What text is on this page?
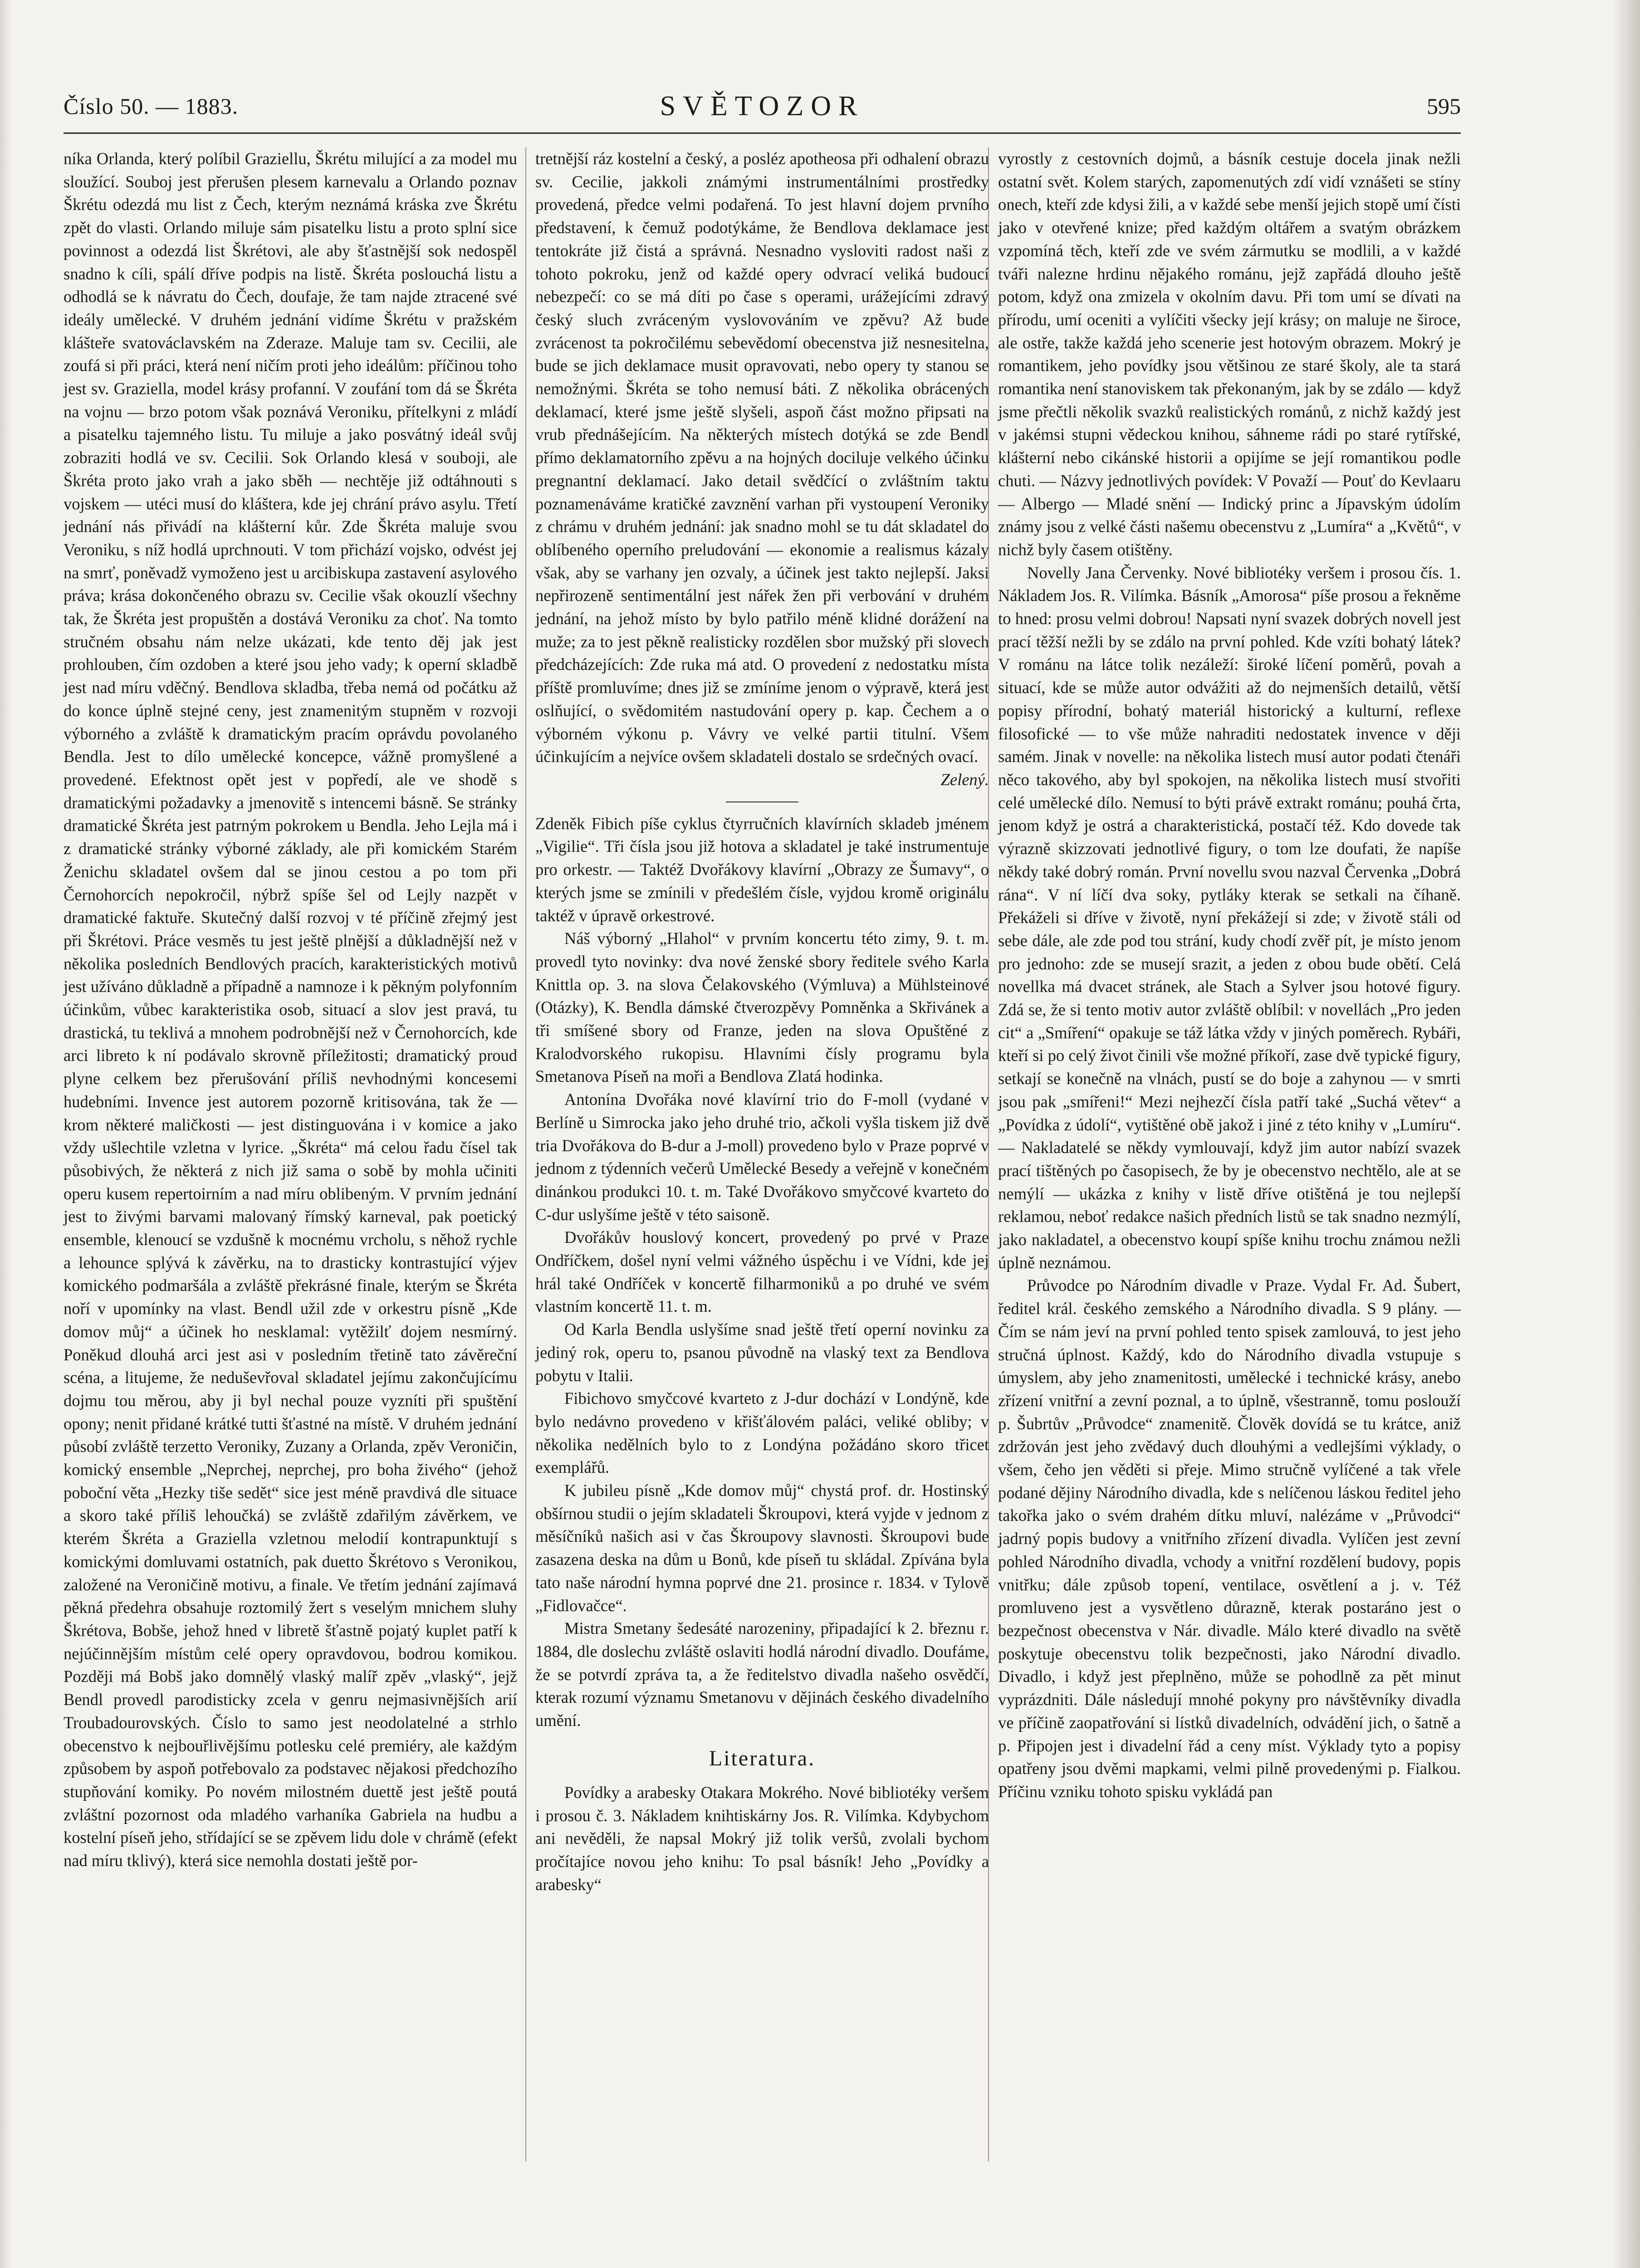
Číslo 50. — 1883.	SVĚTOZOR	595

níka Orlanda, který políbil Graziellu, Škrétu milující a za model mu sloužící. Souboj jest přerušen plesem karnevalu a Orlando poznav Škrétu odezdá mu list z Čech, kterým neznámá kráska zve Škrétu zpět do vlasti. Orlando miluje sám pisatelku listu a proto splní sice povinnost a odezdá list Škrétovi, ale aby šťastnější sok nedospěl snadno k cíli, spálí dříve podpis na listě. Škréta poslouchá listu a odhodlá se k návratu do Čech, doufaje, že tam najde ztracené své ideály umělecké. V druhém jednání vidíme Škrétu v pražském klášteře svatováclavském na Zderaze. Maluje tam sv. Cecilii, ale zoufá si při práci, která není ničím proti jeho ideálům: příčinou toho jest sv. Graziella, model krásy profanní. V zoufání tom dá se Škréta na vojnu — brzo potom však poznává Veroniku, přítelkyni z mládí a pisatelku tajemného listu. Tu miluje a jako posvátný ideál svůj zobraziti hodlá ve sv. Cecilii. Sok Orlando klesá v souboji, ale Škréta proto jako vrah a jako sběh — nechtěje již odtáhnouti s vojskem — utéci musí do kláštera, kde jej chrání právo asylu. Třetí jednání nás přivádí na klášterní kůr. Zde Škréta maluje svou Veroniku, s níž hodlá uprchnouti. V tom přichází vojsko, odvést jej na smrť, poněvadž vymoženo jest u arcibiskupa zastavení asylového práva; krása dokončeného obrazu sv. Cecilie však okouzlí všechny tak, že Škréta jest propuštěn a dostává Veroniku za choť. Na tomto stručném obsahu nám nelze ukázati, kde tento děj jak jest prohlouben, čím ozdoben a které jsou jeho vady; k operní skladbě jest nad míru vděčný. Bendlova skladba, třeba nemá od počátku až do konce úplně stejné ceny, jest znamenitým stupněm v rozvoji výborného a zvláště k dramatickým pracím oprávdu povolaného Bendla. Jest to dílo umělecké koncepce, vážně promyšlené a provedené. Efektnost opět jest v popředí, ale ve shodě s dramatickými požadavky a jmenovitě s intencemi básně. Se stránky dramatické Škréta jest patrným pokrokem u Bendla. Jeho Lejla má i z dramatické stránky výborné základy, ale při komickém Starém Ženichu skladatel ovšem dal se jinou cestou a po tom při Černohorcích nepokročil, nýbrž spíše šel od Lejly nazpět v dramatické faktuře. Skutečný další rozvoj v té příčině zřejmý jest při Škrétovi. Práce vesměs tu jest ještě plnější a důkladnější než v několika posledních Bendlových pracích, karakteristických motivů jest užíváno důkladně a případně a namnoze i k pěkným polyfonním účinkům, vůbec karakteristika osob, situací a slov jest pravá, tu drastická, tu teklivá a mnohem podrobnější než v Černohorcích, kde arci libreto k ní podávalo skrovně příležitosti; dramatický proud plyne celkem bez přerušování příliš nevhodnými koncesemi hudebními. Invence jest autorem pozorně kritisována, tak že — krom některé maličkosti — jest distinguována i v komice a jako vždy ušlechtile vzletna v lyrice. „Škréta“ má celou řadu čísel tak působivých, že některá z nich již sama o sobě by mohla učiniti operu kusem repertoirním a nad míru oblibeným. V prvním jednání jest to živými barvami malovaný římský karneval, pak poetický ensemble, klenoucí se vzdušně k mocnému vrcholu, s něhož rychle a lehounce splývá k závěrku, na to drasticky kontrastující výjev komického podmaršála a zvláště překrásné finale, kterým se Škréta noří v upomínky na vlast. Bendl užil zde v orkestru písně „Kde domov můj“ a účinek ho nesklamal: vytěžilť dojem nesmírný. Poněkud dlouhá arci jest asi v posledním třetině tato závěreční scéna, a litujeme, že neduševřoval skladatel jejímu zakončujícímu dojmu tou měrou, aby ji byl nechal pouze vyzníti při spuštění opony; nenit přidané krátké tutti šťastné na místě. V druhém jednání působí zvláště terzetto Veroniky, Zuzany a Orlanda, zpěv Veroničin, komický ensemble „Neprchej, neprchej, pro boha živého“ (jehož poboční věta „Hezky tiše sedět“ sice jest méně pravdivá dle situace a skoro také příliš lehoučká) se zvláště zdařilým závěrkem, ve kterém Škréta a Graziella vzletnou melodií kontrapunktují s komickými domluvami ostatních, pak duetto Škrétovo s Veronikou, založené na Veroničině motivu, a finale. Ve třetím jednání zajímavá pěkná předehra obsahuje roztomilý žert s veselým mnichem sluhy Škrétova, Bobše, jehož hned v libretě šťastně pojatý kuplet patří k nejúčinnějším místům celé opery opravdovou, bodrou komikou. Později má Bobš jako domnělý vlaský malíř zpěv „vlaský“, jejž Bendl provedl parodisticky zcela v genru nejmasivnějších arií Troubadourovských. Číslo to samo jest neodolatelné a strhlo obecenstvo k nejbouřlivějšímu potlesku celé premiéry, ale každým způsobem by aspoň potřebovalo za podstavec nějakosi předchozího stupňování komiky. Po novém milostném duettě jest ještě poutá zvláštní pozornost oda mladého varhaníka Gabriela na hudbu a kostelní píseň jeho, střídající se se zpěvem lidu dole v chrámě (efekt nad míru tklivý), která sice nemohla dostati ještě por-

tretnější ráz kostelní a český, a posléz apotheosa při odhalení obrazu sv. Cecilie, jakkoli známými instrumentálními prostředky provedená, předce velmi podařená. To jest hlavní dojem prvního představení, k čemuž podotýkáme, že Bendlova deklamace jest tentokráte již čistá a správná. Nesnadno vysloviti radost naši z tohoto pokroku, jenž od každé opery odvrací veliká budoucí nebezpečí: co se má díti po čase s operami, urážejícími zdravý český sluch zvráceným vyslovováním ve zpěvu? Až bude zvrácenost ta pokročilému sebevědomí obecenstva již nesnesitelna, bude se jich deklamace musit opravovati, nebo opery ty stanou se nemožnými. Škréta se toho nemusí báti. Z několika obrácených deklamací, které jsme ještě slyšeli, aspoň část možno připsati na vrub přednášejícím. Na některých místech dotýká se zde Bendl přímo deklamatorního zpěvu a na hojných dociluje velkého účinku pregnantní deklamací. Jako detail svědčící o zvláštním taktu poznamenáváme kratičké zavznění varhan při vystoupení Veroniky z chrámu v druhém jednání: jak snadno mohl se tu dát skladatel do oblíbeného operního preludování — ekonomie a realismus kázaly však, aby se varhany jen ozvaly, a účinek jest takto nejlepší. Jaksi nepřirozeně sentimentální jest nářek žen při verbování v druhém jednání, na jehož místo by bylo patřilo méně klidné dorážení na muže; za to jest pěkně realisticky rozdělen sbor mužský při slovech předcházejících: Zde ruka má atd. O provedení z nedostatku místa příště promluvíme; dnes již se zmíníme jenom o výpravě, která jest oslňující, o svědomitém nastudování opery p. kap. Čechem a o výborném výkonu p. Vávry ve velké partii titulní. Všem účinkujícím a nejvíce ovšem skladateli dostalo se srdečných ovací.

Zelený.

Zdeněk Fibich píše cyklus čtyrručních klavírních skladeb jménem „Vigilie“. Tři čísla jsou již hotova a skladatel je také instrumentuje pro orkestr. — Taktéž Dvořákovy klavírní „Obrazy ze Šumavy“, o kterých jsme se zmínili v předešlém čísle, vyjdou kromě originálu taktéž v úpravě orkestrové.

Náš výborný „Hlahol“ v prvním koncertu této zimy, 9. t. m. provedl tyto novinky: dva nové ženské sbory ředitele svého Karla Knittla op. 3. na slova Čelakovského (Výmluva) a Mühlsteinové (Otázky), K. Bendla dámské čtverozpěvy Pomněnka a Skřivánek a tři smíšené sbory od Franze, jeden na slova Opuštěné z Kralodvorského rukopisu. Hlavními čísly programu byla Smetanova Píseň na moři a Bendlova Zlatá hodinka.

Antonína Dvořáka nové klavírní trio do F-moll (vydané v Berlíně u Simrocka jako jeho druhé trio, ačkoli vyšla tiskem již dvě tria Dvořákova do B-dur a J-moll) provedeno bylo v Praze poprvé v jednom z týdenních večerů Umělecké Besedy a veřejně v konečném dinánkou produkci 10. t. m. Také Dvořákovo smyčcové kvarteto do C-dur uslyšíme ještě v této saisoně.

Dvořákův houslový koncert, provedený po prvé v Praze Ondříčkem, došel nyní velmi vážného úspěchu i ve Vídni, kde jej hrál také Ondříček v koncertě filharmoniků a po druhé ve svém vlastním koncertě 11. t. m.

Od Karla Bendla uslyšíme snad ještě třetí operní novinku za jediný rok, operu to, psanou původně na vlaský text za Bendlova pobytu v Italii.

Fibichovo smyčcové kvarteto z J-dur dochází v Londýně, kde bylo nedávno provedeno v křišťálovém paláci, veliké obliby; v několika nedělních bylo to z Londýna požádáno skoro třicet exemplářů.

K jubileu písně „Kde domov můj“ chystá prof. dr. Hostinský obšírnou studii o jejím skladateli Škroupovi, která vyjde v jednom z měsíčníků našich asi v čas Škroupovy slavnosti. Škroupovi bude zasazena deska na dům u Bonů, kde píseň tu skládal. Zpívána byla tato naše národní hymna poprvé dne 21. prosince r. 1834. v Tylově „Fidlovačce“.

Mistra Smetany šedesáté narozeniny, připadající k 2. březnu r. 1884, dle doslechu zvláště oslaviti hodlá národní divadlo. Doufáme, že se potvrdí zpráva ta, a že ředitelstvo divadla našeho osvědčí, kterak rozumí významu Smetanovu v dějinách českého divadelního umění.

Literatura.

Povídky a arabesky Otakara Mokrého. Nové bibliotéky veršem i prosou č. 3. Nákladem knihtiskárny Jos. R. Vilímka. Kdybychom ani nevěděli, že napsal Mokrý již tolik veršů, zvolali bychom pročítajíce novou jeho knihu: To psal básník! Jeho „Povídky a arabesky“

vyrostly z cestovních dojmů, a básník cestuje docela jinak nežli ostatní svět. Kolem starých, zapomenutých zdí vidí vznášeti se stíny onech, kteří zde kdysi žili, a v každé sebe menší jejich stopě umí čísti jako v otevřené knize; před každým oltářem a svatým obrázkem vzpomíná těch, kteří zde ve svém zármutku se modlili, a v každé tváři nalezne hrdinu nějakého románu, jejž zapřádá dlouho ještě potom, když ona zmizela v okolním davu. Při tom umí se dívati na přírodu, umí oceniti a vylíčiti všecky její krásy; on maluje ne široce, ale ostře, takže každá jeho scenerie jest hotovým obrazem. Mokrý je romantikem, jeho povídky jsou většinou ze staré školy, ale ta stará romantika není stanoviskem tak překonaným, jak by se zdálo — když jsme přečtli několik svazků realistických románů, z nichž každý jest v jakémsi stupni vědeckou knihou, sáhneme rádi po staré rytířské, klášterní nebo cikánské historii a opijíme se její romantikou podle chuti. — Názvy jednotlivých povídek: V Považí — Pouť do Kevlaaru — Albergo — Mladé snění — Indický princ a Jípavským údolím známy jsou z velké části našemu obecenstvu z „Lumíra“ a „Květů“, v nichž byly časem otištěny.

Novelly Jana Červenky. Nové bibliotéky veršem i prosou čís. 1. Nákladem Jos. R. Vilímka. Básník „Amorosa“ píše prosou a řekněme to hned: prosu velmi dobrou! Napsati nyní svazek dobrých novell jest prací těžší nežli by se zdálo na první pohled. Kde vzíti bohatý látek? V románu na látce tolik nezáleží: široké líčení poměrů, povah a situací, kde se může autor odvážiti až do nejmenších detailů, větší popisy přírodní, bohatý materiál historický a kulturní, reflexe filosofické — to vše může nahraditi nedostatek invence v ději samém. Jinak v novelle: na několika listech musí autor podati čtenáři něco takového, aby byl spokojen, na několika listech musí stvořiti celé umělecké dílo. Nemusí to býti právě extrakt románu; pouhá črta, jenom když je ostrá a charakteristická, postačí též. Kdo dovede tak výrazně skizzovati jednotlivé figury, o tom lze doufati, že napíše někdy také dobrý román. První novellu svou nazval Červenka „Dobrá rána“. V ní líčí dva soky, pytláky kterak se setkali na číhaně. Překáželi si dříve v životě, nyní překážejí si zde; v životě stáli od sebe dále, ale zde pod tou strání, kudy chodí zvěř pít, je místo jenom pro jednoho: zde se musejí srazit, a jeden z obou bude obětí. Celá novellka má dvacet stránek, ale Stach a Sylver jsou hotové figury. Zdá se, že si tento motiv autor zvláště oblíbil: v novellách „Pro jeden cit“ a „Smíření“ opakuje se táž látka vždy v jiných poměrech. Rybáři, kteří si po celý život činili vše možné příkoří, zase dvě typické figury, setkají se konečně na vlnách, pustí se do boje a zahynou — v smrti jsou pak „smířeni!“ Mezi nejhezčí čísla patří také „Suchá větev“ a „Povídka z údolí“, vytištěné obě jakož i jiné z této knihy v „Lumíru“. — Nakladatelé se někdy vymlouvají, když jim autor nabízí svazek prací tištěných po časopisech, že by je obecenstvo nechtělo, ale at se nemýlí — ukázka z knihy v listě dříve otištěná je tou nejlepší reklamou, neboť redakce našich předních listů se tak snadno nezmýlí, jako nakladatel, a obecenstvo koupí spíše knihu trochu známou nežli úplně neznámou.

Průvodce po Národním divadle v Praze. Vydal Fr. Ad. Šubert, ředitel král. českého zemského a Národního divadla. S 9 plány. — Čím se nám jeví na první pohled tento spisek zamlouvá, to jest jeho stručná úplnost. Každý, kdo do Národního divadla vstupuje s úmyslem, aby jeho znamenitosti, umělecké i technické krásy, anebo zřízení vnitřní a zevní poznal, a to úplně, všestranně, tomu poslouží p. Šubrtův „Průvodce“ znamenitě. Člověk dovídá se tu krátce, aniž zdržován jest jeho zvědavý duch dlouhými a vedlejšími výklady, o všem, čeho jen věděti si přeje. Mimo stručně vylíčené a tak vřele podané dějiny Národního divadla, kde s nelíčenou láskou ředitel jeho takořka jako o svém drahém dítku mluví, nalézáme v „Průvodci“ jadrný popis budovy a vnitřního zřízení divadla. Vylíčen jest zevní pohled Národního divadla, vchody a vnitřní rozdělení budovy, popis vnitřku; dále způsob topení, ventilace, osvětlení a j. v. Též promluveno jest a vysvětleno důrazně, kterak postaráno jest o bezpečnost obecenstva v Nár. divadle. Málo které divadlo na světě poskytuje obecenstvu tolik bezpečnosti, jako Národní divadlo. Divadlo, i když jest přeplněno, může se pohodlně za pět minut vyprázdniti. Dále následují mnohé pokyny pro návštěvníky divadla ve příčině zaopatřování si lístků divadelních, odvádění jich, o šatně a p. Připojen jest i divadelní řád a ceny míst. Výklady tyto a popisy opatřeny jsou dvěmi mapkami, velmi pilně provedenými p. Fialkou. Příčinu vzniku tohoto spisku vykládá pan
